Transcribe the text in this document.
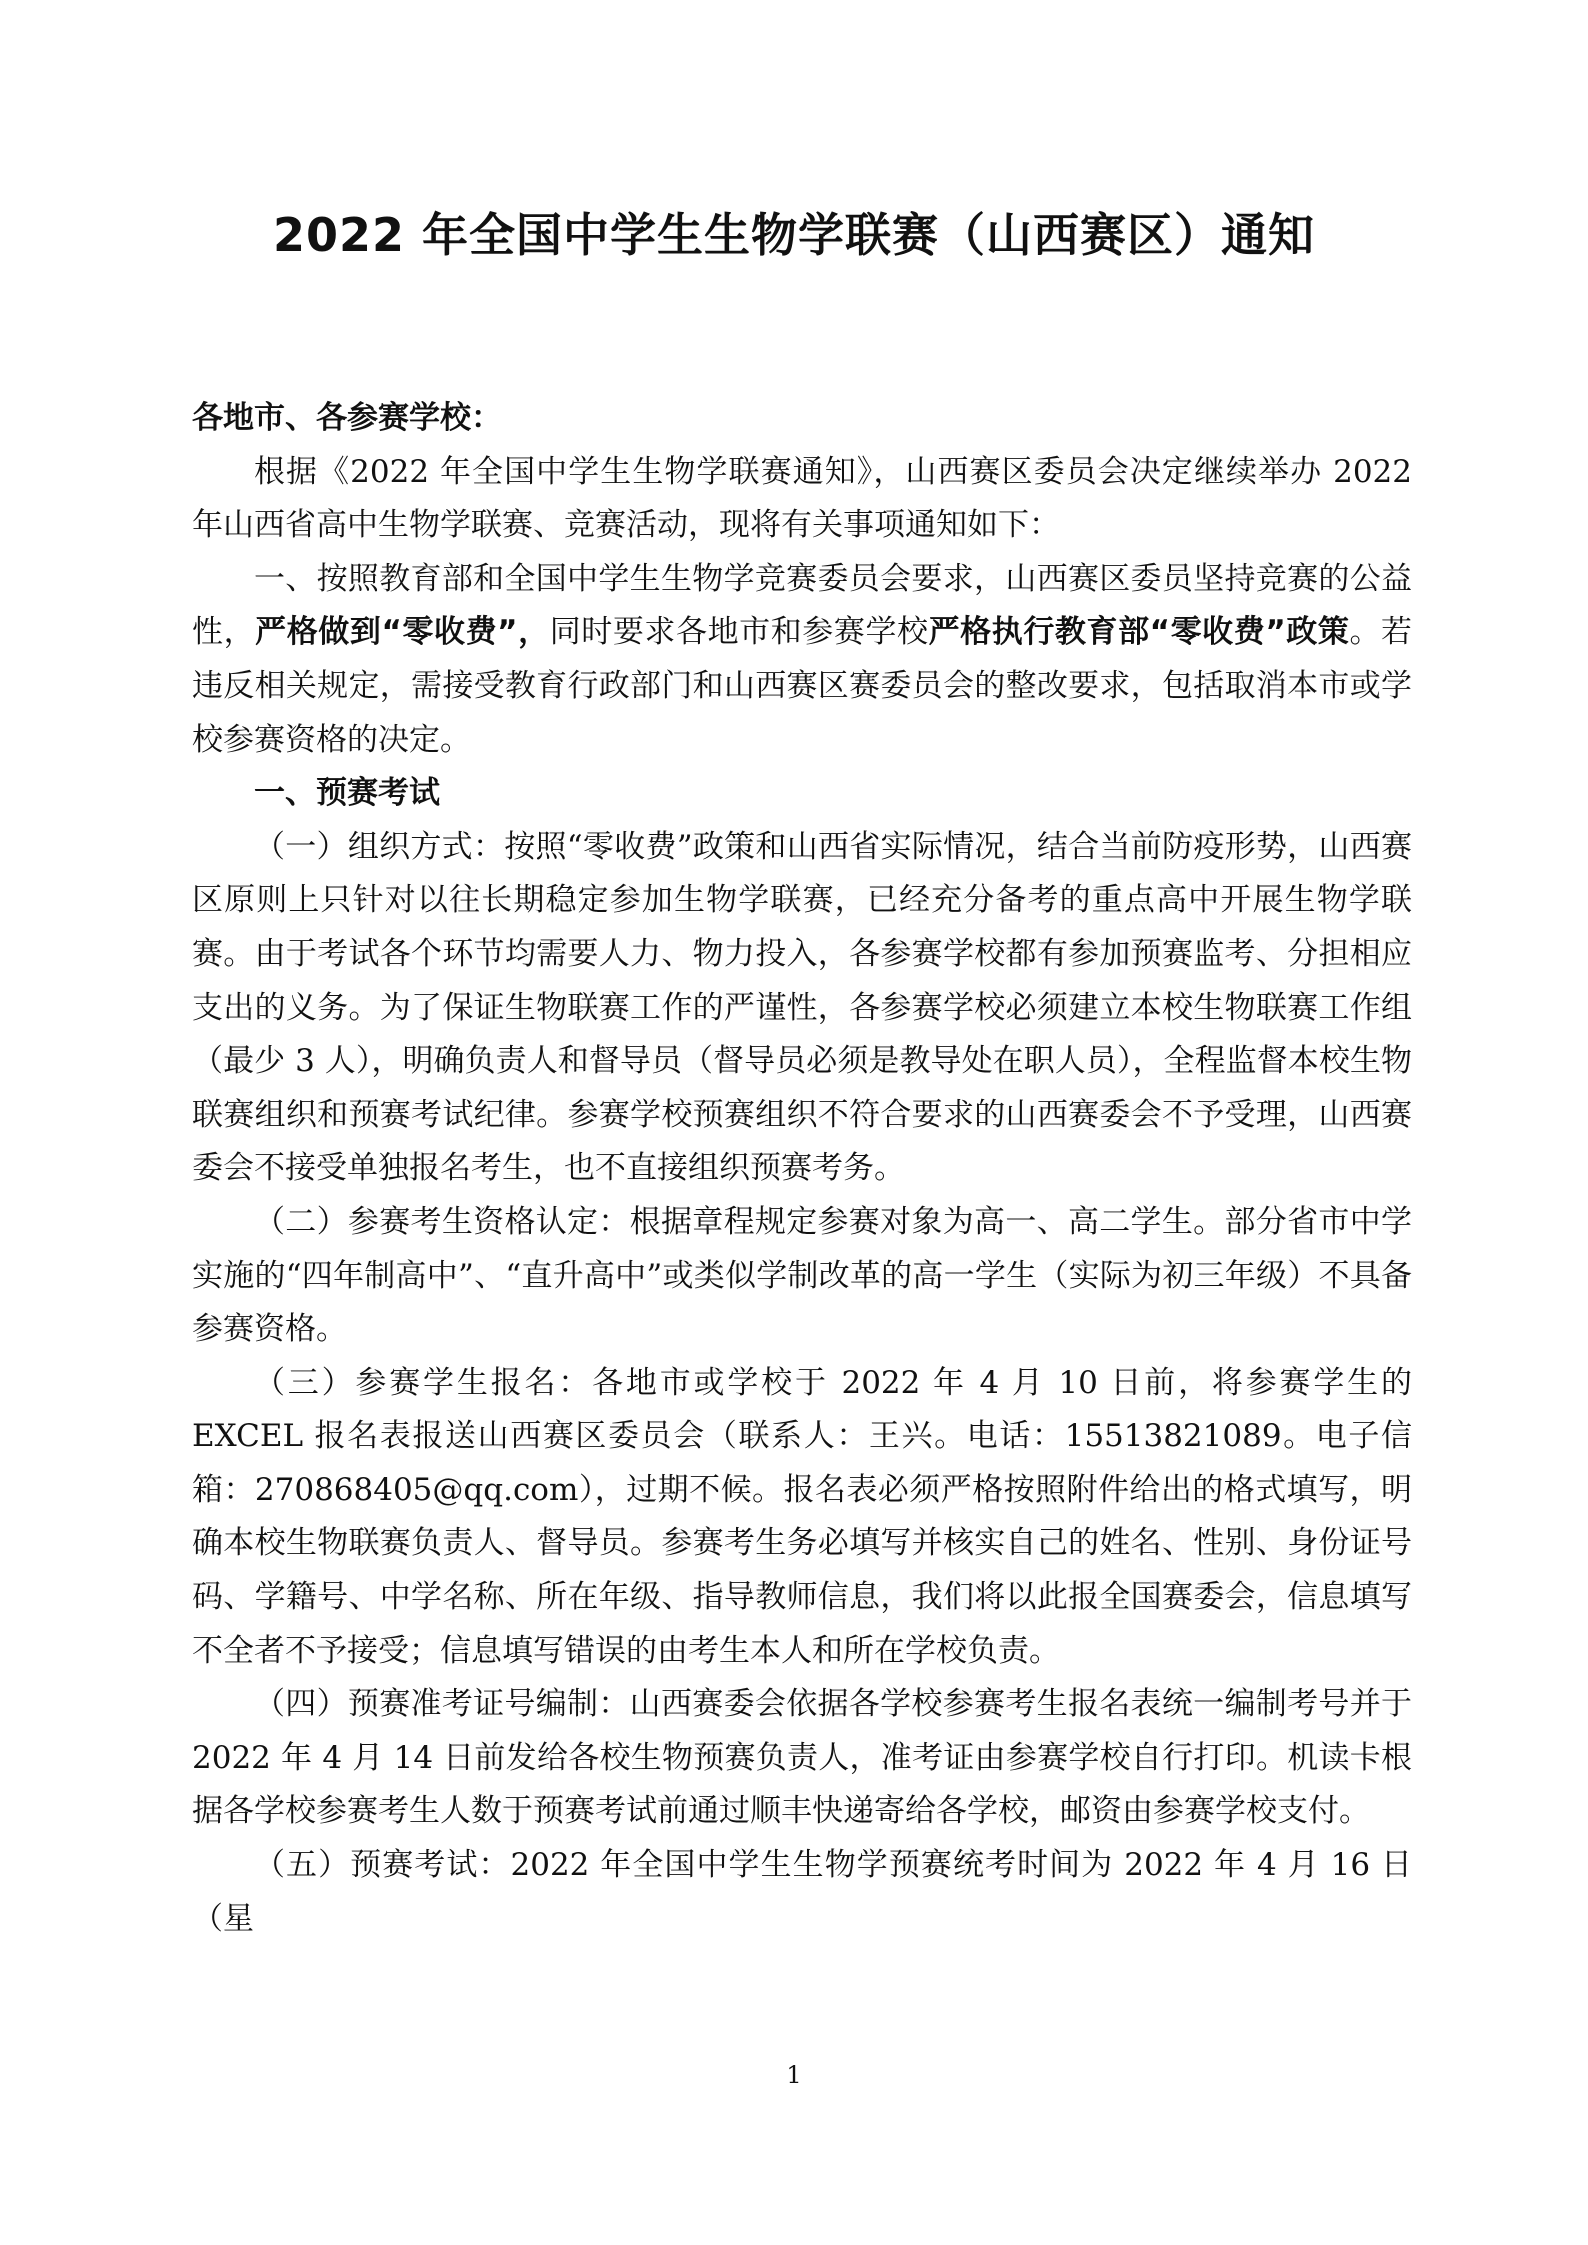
2022 年全国中学生生物学联赛（山西赛区）通知

各地市、各参赛学校：

根据《2022 年全国中学生生物学联赛通知》，山西赛区委员会决定继续举办 2022 年山西省高中生物学联赛、竞赛活动，现将有关事项通知如下：

一、按照教育部和全国中学生生物学竞赛委员会要求，山西赛区委员坚持竞赛的公益性，严格做到“零收费”，同时要求各地市和参赛学校严格执行教育部“零收费”政策。若违反相关规定，需接受教育行政部门和山西赛区赛委员会的整改要求，包括取消本市或学校参赛资格的决定。

一、预赛考试

（一）组织方式：按照“零收费”政策和山西省实际情况，结合当前防疫形势，山西赛区原则上只针对以往长期稳定参加生物学联赛，已经充分备考的重点高中开展生物学联赛。由于考试各个环节均需要人力、物力投入，各参赛学校都有参加预赛监考、分担相应支出的义务。为了保证生物联赛工作的严谨性，各参赛学校必须建立本校生物联赛工作组（最少 3 人），明确负责人和督导员（督导员必须是教导处在职人员），全程监督本校生物联赛组织和预赛考试纪律。参赛学校预赛组织不符合要求的山西赛委会不予受理，山西赛委会不接受单独报名考生，也不直接组织预赛考务。

（二）参赛考生资格认定：根据章程规定参赛对象为高一、高二学生。部分省市中学实施的“四年制高中”、“直升高中”或类似学制改革的高一学生（实际为初三年级）不具备参赛资格。

（三）参赛学生报名：各地市或学校于 2022 年 4 月 10 日前，将参赛学生的 EXCEL 报名表报送山西赛区委员会（联系人：王兴。电话：15513821089。电子信箱：270868405@qq.com），过期不候。报名表必须严格按照附件给出的格式填写，明确本校生物联赛负责人、督导员。参赛考生务必填写并核实自己的姓名、性别、身份证号码、学籍号、中学名称、所在年级、指导教师信息，我们将以此报全国赛委会，信息填写不全者不予接受；信息填写错误的由考生本人和所在学校负责。

（四）预赛准考证号编制：山西赛委会依据各学校参赛考生报名表统一编制考号并于 2022 年 4 月 14 日前发给各校生物预赛负责人，准考证由参赛学校自行打印。机读卡根据各学校参赛考生人数于预赛考试前通过顺丰快递寄给各学校，邮资由参赛学校支付。

（五）预赛考试：2022 年全国中学生生物学预赛统考时间为 2022 年 4 月 16 日（星

1
